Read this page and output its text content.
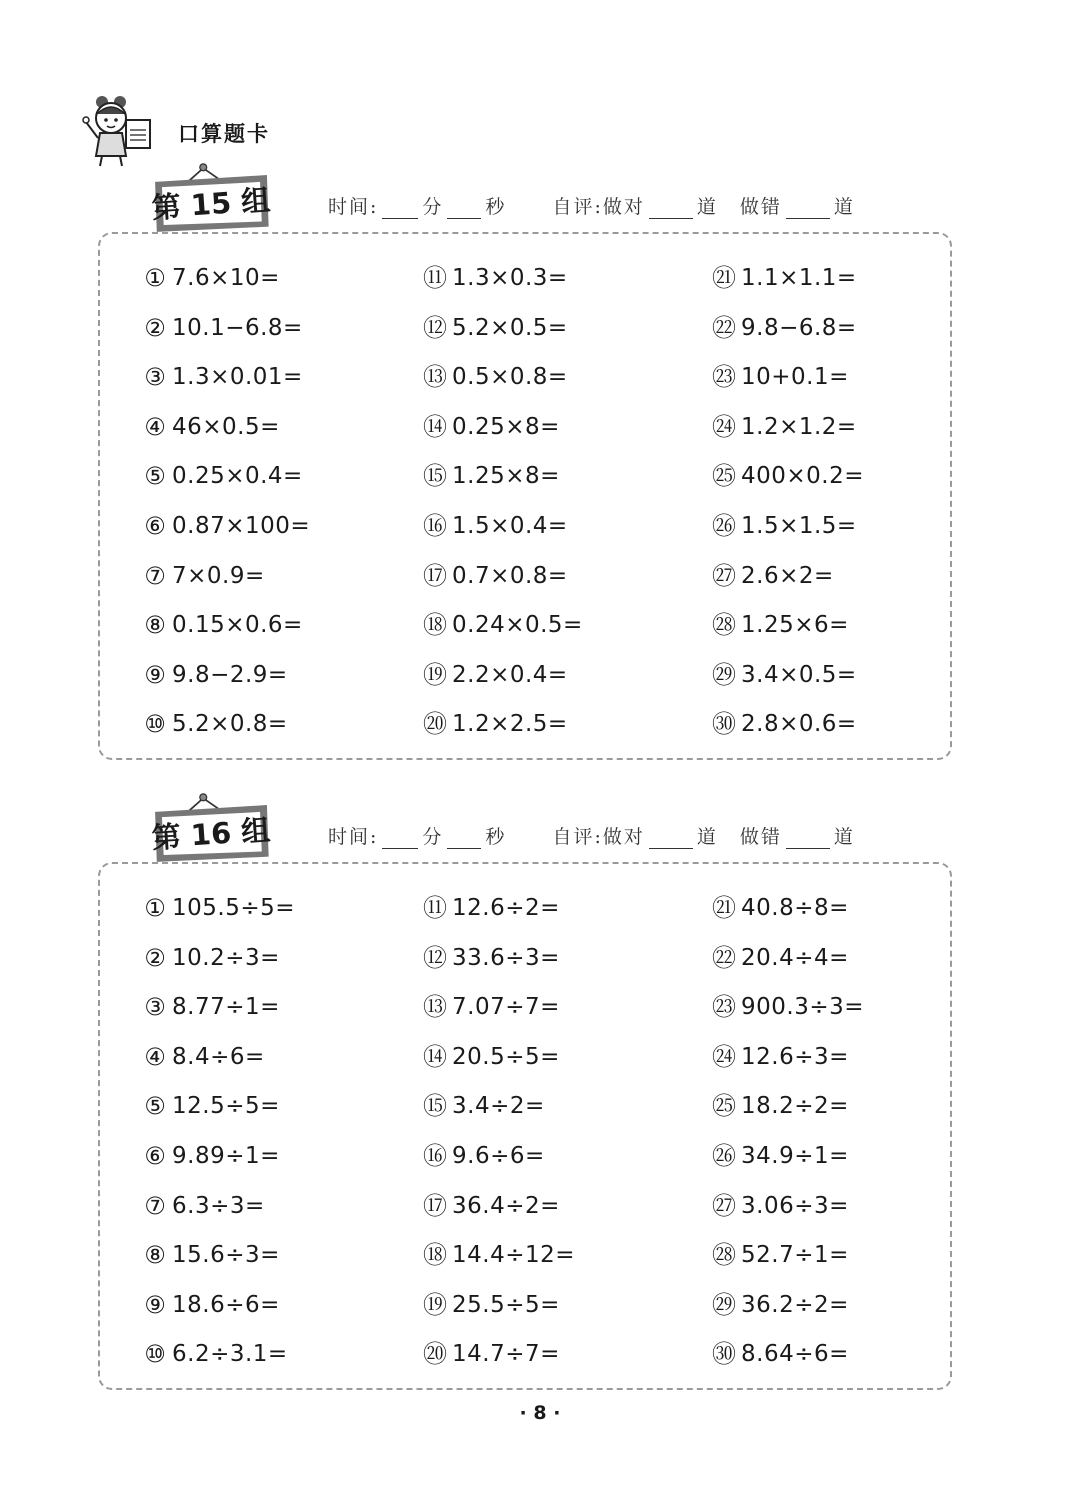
口算题卡
第 15 组	时间: 分 秒 自评:做对	道 做错	道
① 7.6×10=
② 10.1−6.8=
③ 1.3×0.01=
④ 46×0.5=
⑤ 0.25×0.4=
⑥ 0.87×100=
⑦ 7×0.9=
⑧ 0.15×0.6=
⑨ 9.8−2.9=
⑩ 5.2×0.8=
⑪ 1.3×0.3=
⑫ 5.2×0.5=
⑬ 0.5×0.8=
⑭ 0.25×8=
⑮ 1.25×8=
⑯ 1.5×0.4=
⑰ 0.7×0.8=
⑱ 0.24×0.5=
⑲ 2.2×0.4=
⑳ 1.2×2.5=
㉑ 1.1×1.1=
㉒ 9.8−6.8=
㉓ 10+0.1=
㉔ 1.2×1.2=
㉕ 400×0.2=
㉖ 1.5×1.5=
㉗ 2.6×2=
㉘ 1.25×6=
㉙ 3.4×0.5=
㉚ 2.8×0.6=
第 16 组	时间: 分 秒 自评:做对	道 做错	道
① 105.5÷5=
② 10.2÷3=
③ 8.77÷1=
④ 8.4÷6=
⑤ 12.5÷5=
⑥ 9.89÷1=
⑦ 6.3÷3=
⑧ 15.6÷3=
⑨ 18.6÷6=
⑩ 6.2÷3.1=
⑪ 12.6÷2=
⑫ 33.6÷3=
⑬ 7.07÷7=
⑭ 20.5÷5=
⑮ 3.4÷2=
⑯ 9.6÷6=
⑰ 36.4÷2=
⑱ 14.4÷12=
⑲ 25.5÷5=
⑳ 14.7÷7=
㉑ 40.8÷8=
㉒ 20.4÷4=
㉓ 900.3÷3=
㉔ 12.6÷3=
㉕ 18.2÷2=
㉖ 34.9÷1=
㉗ 3.06÷3=
㉘ 52.7÷1=
㉙ 36.2÷2=
㉚ 8.64÷6=
· 8 ·
